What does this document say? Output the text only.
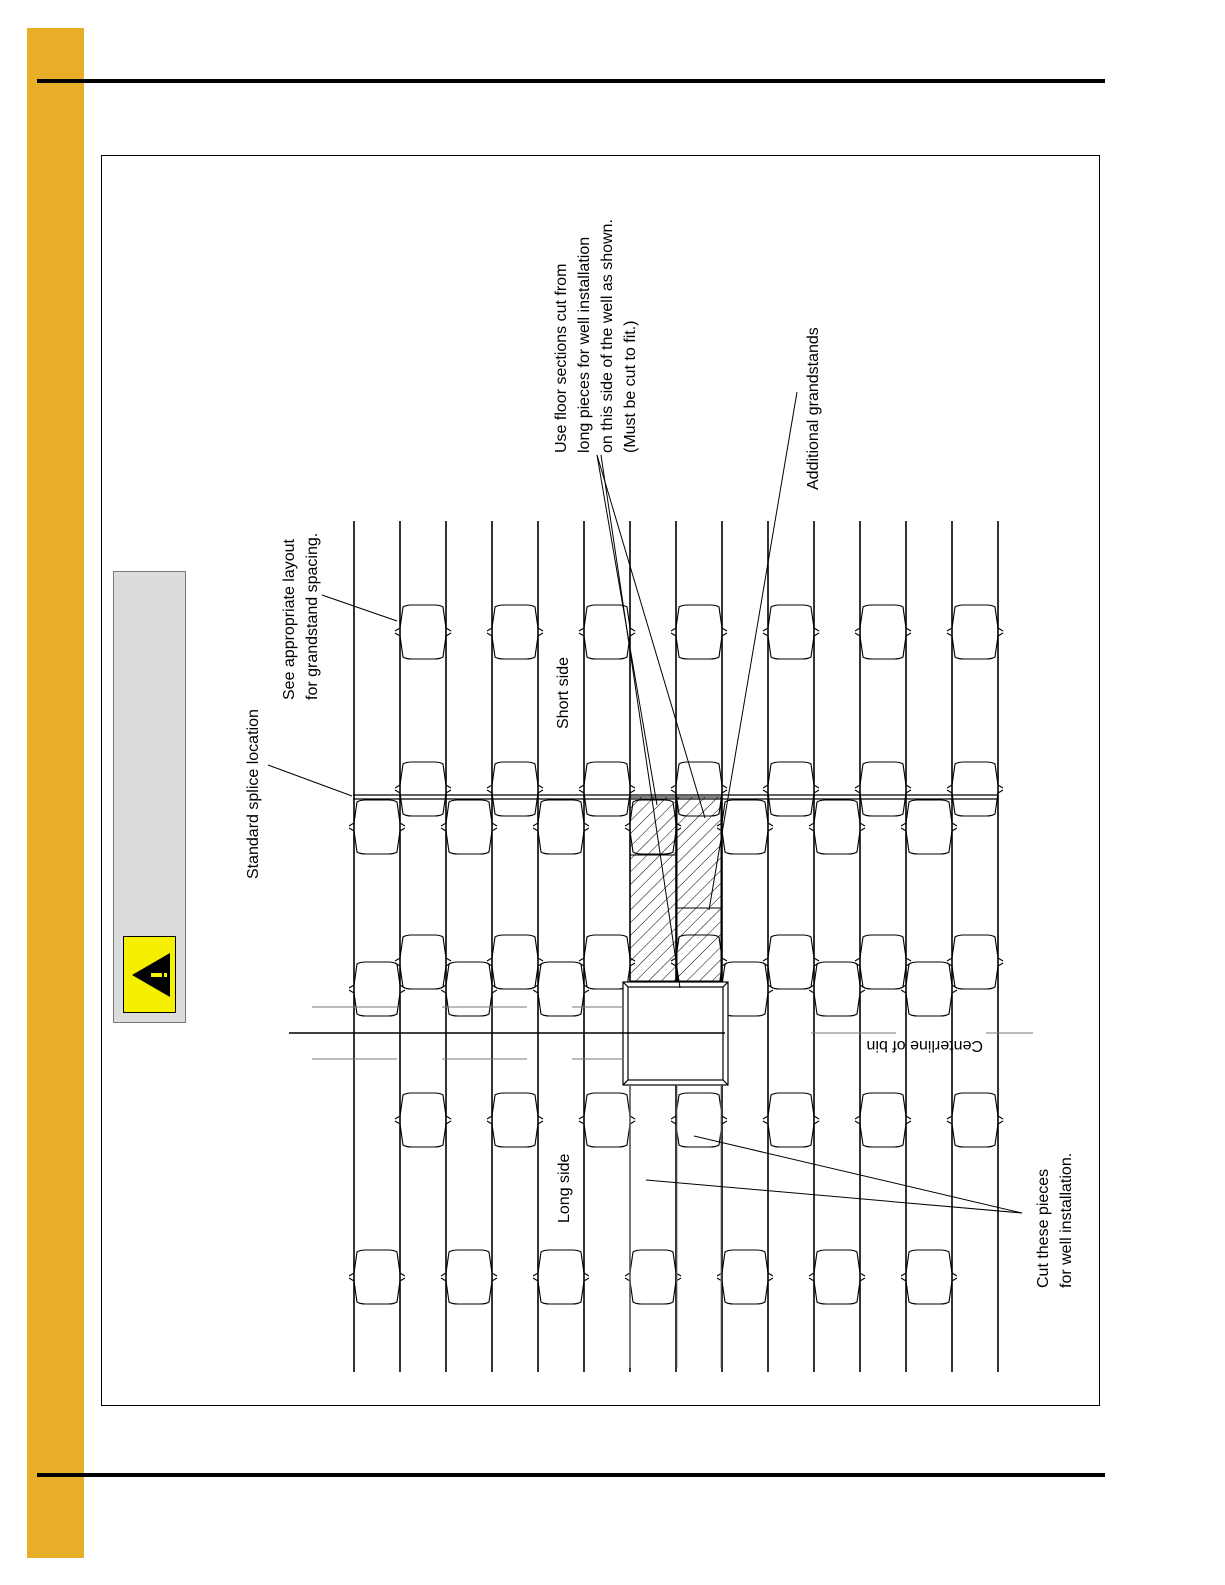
Standard splice location
See appropriate layout for grandstand spacing.	Short side
Long side
Use floor sections cut from long pieces for well installation on this side of the well as shown. (Must be cut to fit.)	Additional grandstands
Centerline of bin
Cut these pieces for well installation.
